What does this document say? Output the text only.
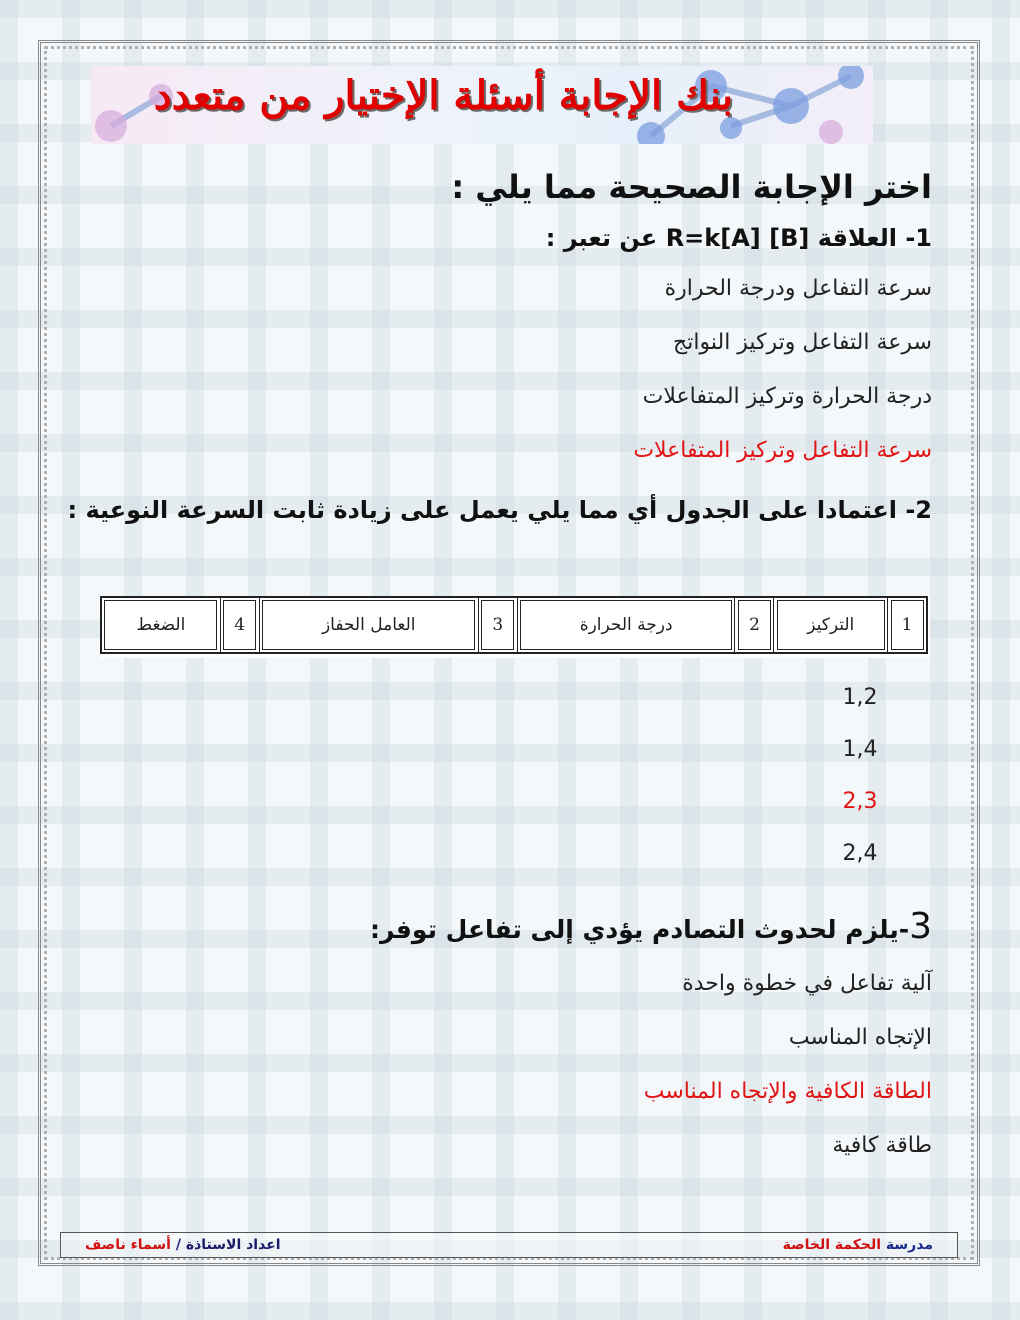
بنك الإجابة أسئلة الإختيار من متعدد
اختر الإجابة الصحيحة مما يلي :
1- العلاقة R=k[A] [B] عن تعبر :
سرعة التفاعل ودرجة الحرارة
سرعة التفاعل وتركيز النواتج
درجة الحرارة وتركيز المتفاعلات
سرعة التفاعل وتركيز المتفاعلات
2- اعتمادا على الجدول أي مما يلي يعمل على زيادة ثابت السرعة النوعية :
1	التركيز	2	درجة الحرارة	3	العامل الحفاز	4	الضغط
1,2
1,4
2,3
2,4
3-يلزم لحدوث التصادم يؤدي إلى تفاعل توفر:
آلية تفاعل في خطوة واحدة
الإتجاه المناسب
الطاقة الكافية والإتجاه المناسب
طاقة كافية
مدرسة الحكمة الخاصة
اعداد الاستاذة / أسماء ناصف
